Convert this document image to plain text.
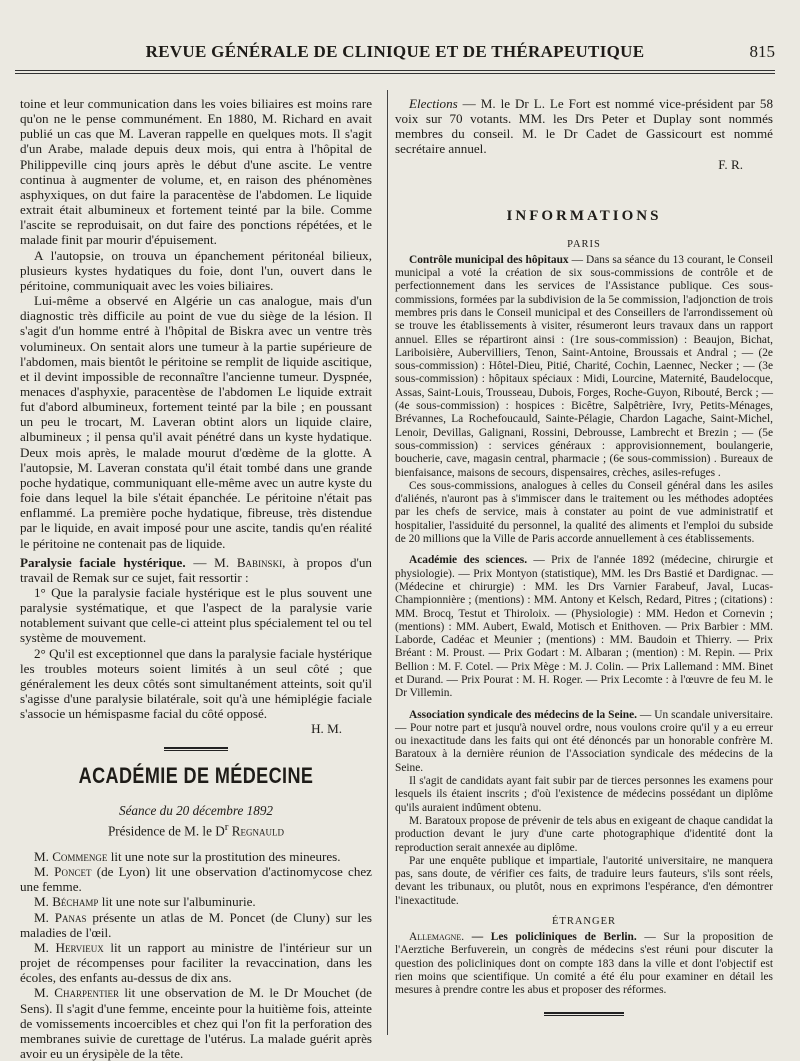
REVUE GÉNÉRALE DE CLINIQUE ET DE THÉRAPEUTIQUE	815

toine et leur communication dans les voies biliaires est moins rare qu'on ne le pense communément. En 1880, M. Richard en avait publié un cas que M. Laveran rappelle en quelques mots. Il s'agit d'un Arabe, malade depuis deux mois, qui entra à l'hôpital de Philippeville cinq jours après le début d'une ascite. Le ventre continua à augmenter de volume, et, en raison des phénomènes asphyxiques, on dut faire la paracentèse de l'abdomen. Le liquide extrait était albumineux et fortement teinté par la bile. Comme l'ascite se reproduisait, on dut faire des ponctions répétées, et le malade finit par mourir d'épuisement.

A l'autopsie, on trouva un épanchement péritonéal bilieux, plusieurs kystes hydatiques du foie, dont l'un, ouvert dans le péritoine, communiquait avec les voies biliaires.

Lui-même a observé en Algérie un cas analogue, mais d'un diagnostic très difficile au point de vue du siège de la lésion. Il s'agit d'un homme entré à l'hôpital de Biskra avec un ventre très volumineux. On sentait alors une tumeur à la partie supérieure de l'abdomen, mais bientôt le péritoine se remplit de liquide ascitique, et il devint impossible de reconnaître l'ancienne tumeur. Dyspnée, menaces d'asphyxie, paracentèse de l'abdomen Le liquide extrait fut d'abord albumineux, fortement teinté par la bile ; en poussant un peu le trocart, M. Laveran obtint alors un liquide claire, albumineux ; il pensa qu'il avait pénétré dans un kyste hydatique. Deux mois après, le malade mourut d'œdème de la glotte. A l'autopsie, M. Laveran constata qu'il était tombé dans une grande poche hydatique, communiquant elle-même avec un autre kyste du foie dans lequel la bile s'était épanchée. Le péritoine n'était pas enflammé. La première poche hydatique, fibreuse, très distendue par le liquide, en avait imposé pour une ascite, tandis qu'en réalité le péritoine ne contenait pas de liquide.

Paralysie faciale hystérique. — M. Babinski, à propos d'un travail de Remak sur ce sujet, fait ressortir :

1° Que la paralysie faciale hystérique est le plus souvent une paralysie systématique, et que l'aspect de la paralysie varie notablement suivant que celle-ci atteint plus spécialement tel ou tel système de mouvement.

2° Qu'il est exceptionnel que dans la paralysie faciale hystérique les troubles moteurs soient limités à un seul côté ; que généralement les deux côtés sont simultanément atteints, soit qu'il s'agisse d'une paralysie bilatérale, soit qu'à une hémiplégie faciale s'associe un hémispasme facial du côté opposé.

H. M.

ACADÉMIE DE MÉDECINE
Séance du 20 décembre 1892
Présidence de M. le $D^r$ Regnauld

M. Commenge lit une note sur la prostitution des mineures.

M. Poncet (de Lyon) lit une observation d'actinomycose chez une femme.

M. Béchamp lit une note sur l'albuminurie.

M. Panas présente un atlas de M. Poncet (de Cluny) sur les maladies de l'œil.

M. Hervieux lit un rapport au ministre de l'intérieur sur un projet de récompenses pour faciliter la revaccination, dans les écoles, des enfants au-dessus de dix ans.

M. Charpentier lit une observation de M. le Dr Mouchet (de Sens). Il s'agit d'une femme, enceinte pour la huitième fois, atteinte de vomissements incoercibles et chez qui l'on fit la perforation des membranes suivie de curettage de l'utérus. La malade guérit après avoir eu un érysipèle de la tête.

Elections — M. le Dr L. Le Fort est nommé vice-président par 58 voix sur 70 votants. MM. les Drs Peter et Duplay sont nommés membres du conseil. M. le Dr Cadet de Gassicourt est nommé secrétaire annuel.

F. R.

INFORMATIONS
PARIS

Contrôle municipal des hôpitaux — Dans sa séance du 13 courant, le Conseil municipal a voté la création de six sous-commissions de contrôle et de perfectionnement dans les services de l'Assistance publique. Ces sous-commissions, formées par la subdivision de la 5e commission, l'adjonction de trois membres pris dans le Conseil municipal et des Conseillers de l'arrondissement où se trouve les établissements à visiter, résumeront leurs travaux dans un rapport annuel. Elles se répartiront ainsi : (1re sous-commission) : Beaujon, Bichat, Lariboisière, Aubervilliers, Tenon, Saint-Antoine, Broussais et Andral ; — (2e sous-commission) : Hôtel-Dieu, Pitié, Charité, Cochin, Laennec, Necker ; — (3e sous-commission) : hôpitaux spéciaux : Midi, Lourcine, Maternité, Baudelocque, Assas, Saint-Louis, Trousseau, Dubois, Forges, Roche-Guyon, Ribouté, Berck ; — (4e sous-commission) : hospices : Bicêtre, Salpêtrière, Ivry, Petits-Ménages, Brévannes, La Rochefoucauld, Sainte-Pélagie, Chardon Lagache, Saint-Michel, Lenoir, Devillas, Galignani, Rossini, Debrousse, Lambrecht et Brezin ; — (5e sous-commission) : services généraux : approvisionnement, boulangerie, boucherie, cave, magasin central, pharmacie ; (6e sous-commission) . Bureaux de bienfaisance, maisons de secours, dispensaires, crèches, asiles-refuges .

Ces sous-commissions, analogues à celles du Conseil général dans les asiles d'aliénés, n'auront pas à s'immiscer dans le traitement ou les méthodes adoptées par les chefs de service, mais à constater au point de vue administratif et hospitalier, l'assiduité du personnel, la qualité des aliments et l'emploi du subside de 20 millions que la Ville de Paris accorde annuellement à ces établissements.

Académie des sciences. — Prix de l'année 1892 (médecine, chirurgie et physiologie). — Prix Montyon (statistique), MM. les Drs Bastié et Dardignac. — (Médecine et chirurgie) : MM. les Drs Varnier Farabeuf, Javal, Lucas-Championnière ; (mentions) : MM. Antony et Kelsch, Redard, Pitres ; (citations) : MM. Brocq, Testut et Thiroloix. — (Physiologie) : MM. Hedon et Cornevin ; (mentions) : MM. Aubert, Ewald, Motisch et Enithoven. — Prix Barbier : MM. Laborde, Cadéac et Meunier ; (mentions) : MM. Baudoin et Thierry. — Prix Bréant : M. Proust. — Prix Godart : M. Albaran ; (mention) : M. Repin. — Prix Bellion : M. F. Cotel. — Prix Mège : M. J. Colin. — Prix Lallemand : MM. Binet et Durand. — Prix Pourat : M. H. Roger. — Prix Lecomte : à l'œuvre de feu M. le Dr Villemin.

Association syndicale des médecins de la Seine. — Un scandale universitaire. — Pour notre part et jusqu'à nouvel ordre, nous voulons croire qu'il y a eu erreur ou inexactitude dans les faits qui ont été dénoncés par un honorable confrère M. Baratoux à la dernière réunion de l'Association syndicale des médecins de la Seine.

Il s'agit de candidats ayant fait subir par de tierces personnes les examens pour lesquels ils étaient inscrits ; d'où l'existence de médecins possédant un diplôme qu'ils auraient indûment obtenu.

M. Baratoux propose de prévenir de tels abus en exigeant de chaque candidat la production devant le jury d'une carte photographique d'identité dont la reproduction serait annexée au diplôme.

Par une enquête publique et impartiale, l'autorité universitaire, ne manquera pas, sans doute, de vérifier ces faits, de traduire leurs fauteurs, s'ils sont réels, devant les tribunaux, ou plutôt, nous en exprimons l'espérance, d'en démontrer l'inexactitude.

ÉTRANGER

Allemagne. — Les policliniques de Berlin. — Sur la proposition de l'Aerztiche Berfuverein, un congrès de médecins s'est réuni pour discuter la question des policliniques dont on compte 183 dans la ville et dont l'objectif est rien moins que scientifique. Un comité a été élu pour examiner en détail les mesures à prendre contre les abus et proposer des réformes.
